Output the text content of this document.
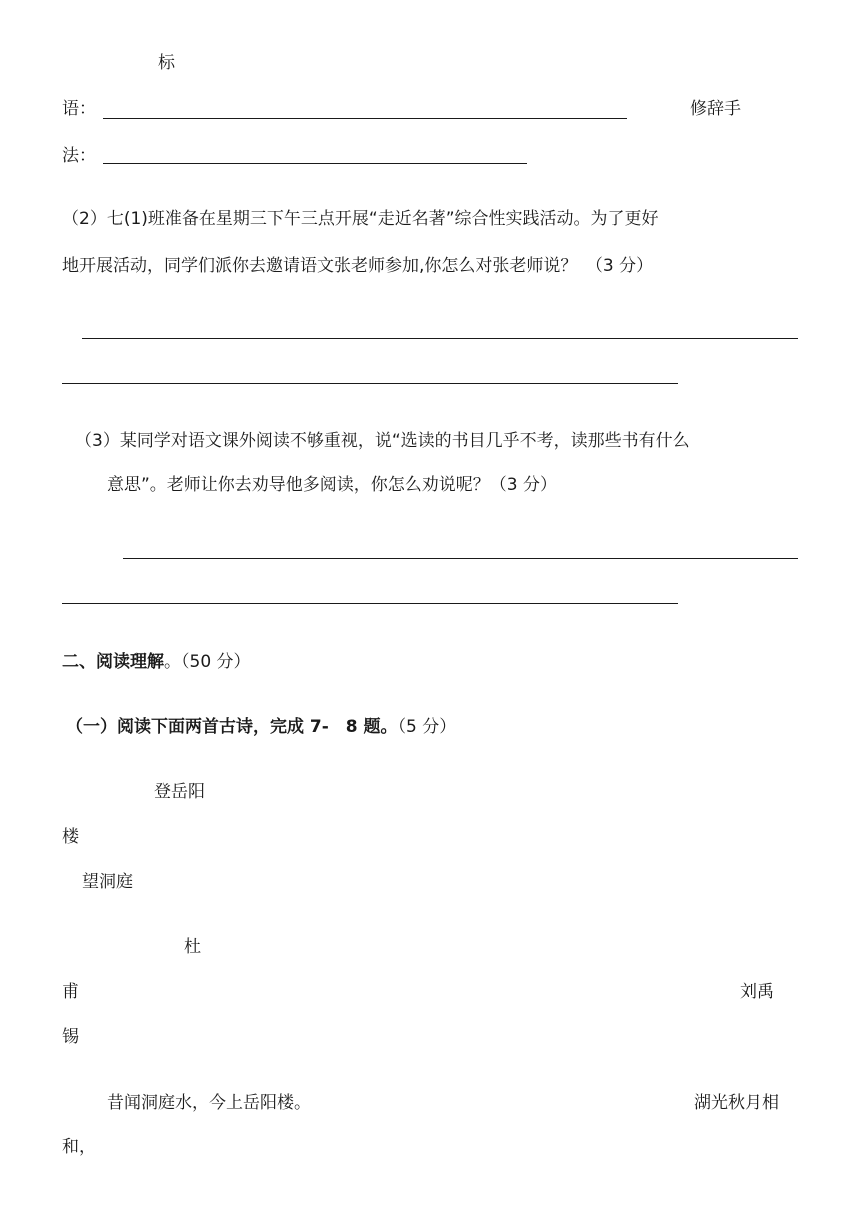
标
语：	修辞手
法：
（2）七(1)班准备在星期三下午三点开展“走近名著”综合性实践活动。为了更好
地开展活动，同学们派你去邀请语文张老师参加,你怎么对张老师说？　（3 分）
（3）某同学对语文课外阅读不够重视，说“选读的书目几乎不考，读那些书有什么
意思”。老师让你去劝导他多阅读，你怎么劝说呢？（3 分）
二、阅读理解。（50 分）
（一）阅读下面两首古诗，完成 7-　8 题。（5 分）
登岳阳
楼
望洞庭
杜
甫	刘禹
锡
昔闻洞庭水，今上岳阳楼。	湖光秋月相
和，
